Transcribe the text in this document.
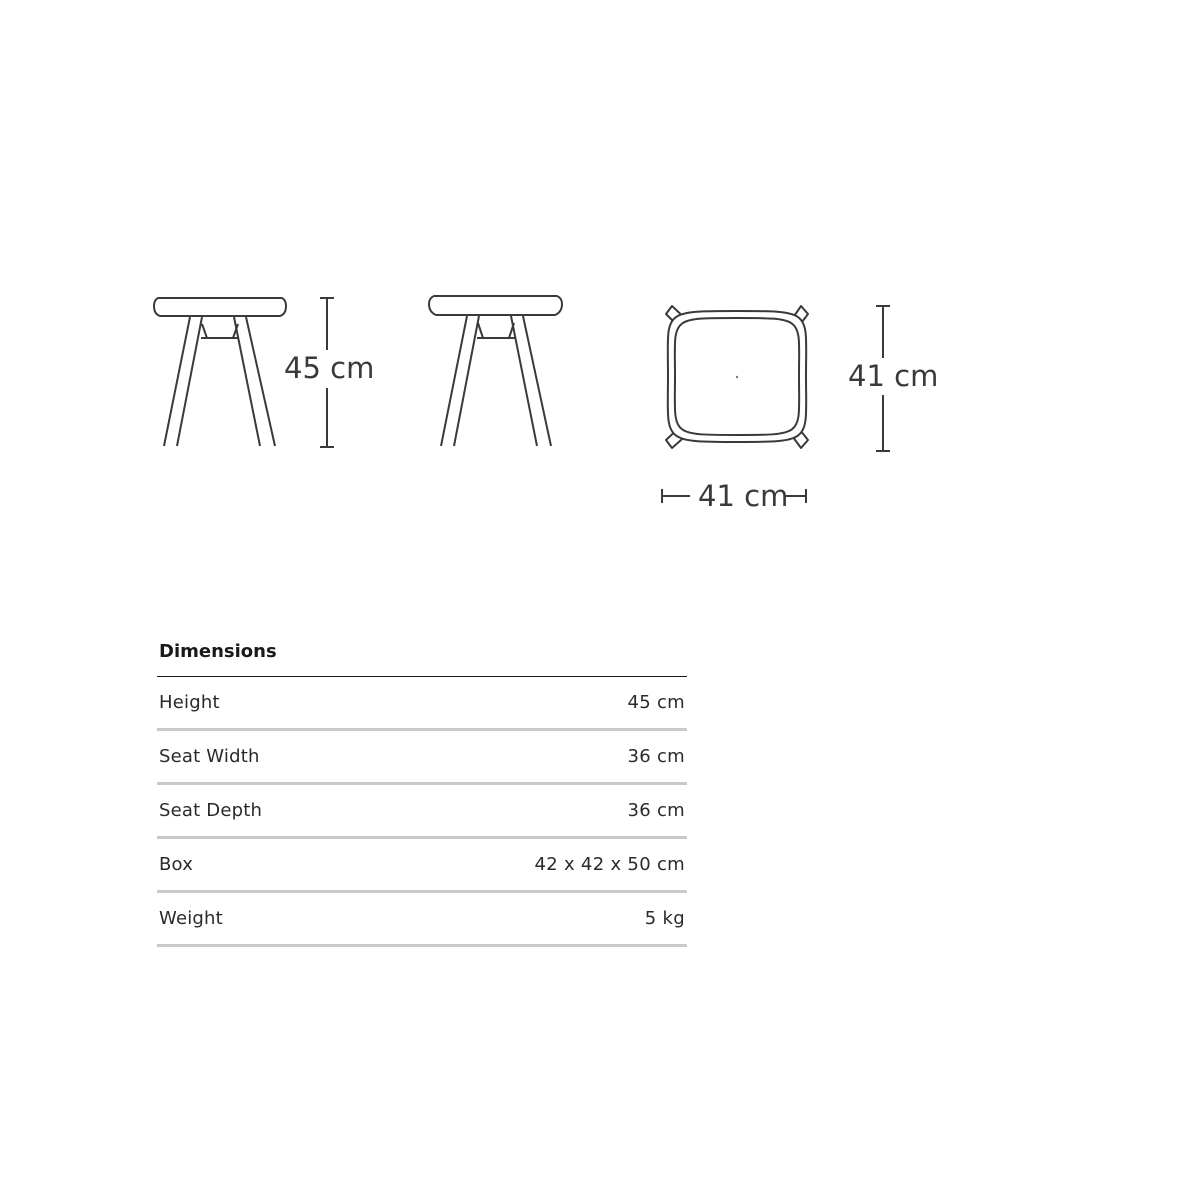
45 cm	41 cm
41 cm
Dimensions
Height	45 cm
Seat Width	36 cm
Seat Depth	36 cm
Box	42 x 42 x 50 cm
Weight	5 kg
